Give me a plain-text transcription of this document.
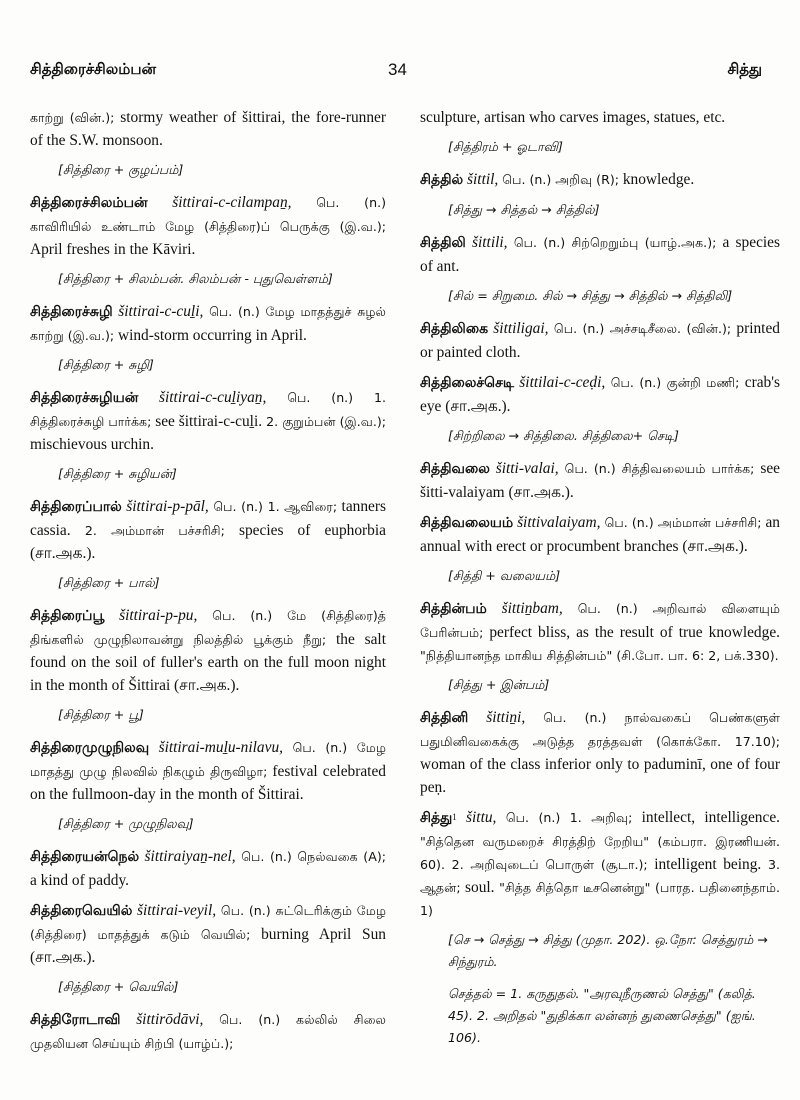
சித்திரைச்சிலம்பன்	34	சித்து
காற்று (வின்.); stormy weather of šittirai, the fore-runner of the S.W. monsoon.
[சித்திரை + குழப்பம்]
சித்திரைச்சிலம்பன் šittirai-c-cilampaṉ, பெ. (n.) காவிரியில் உண்டாம் மேழ (சித்திரை)ப் பெருக்கு (இ.வ.); April freshes in the Kāviri.
[சித்திரை + சிலம்பன். சிலம்பன் - புதுவெள்ளம்]
சித்திரைச்சுழி šittirai-c-cuḻi, பெ. (n.) மேழ மாதத்துச் சுழல் காற்று (இ.வ.); wind-storm occurring in April.
[சித்திரை + சுழி]
சித்திரைச்சுழியன் šittirai-c-cuḻiyaṉ, பெ. (n.) 1. சித்திரைச்சுழி பார்க்க; see šittirai-c-cuḻi. 2. குறும்பன் (இ.வ.); mischievous urchin.
[சித்திரை + சுழியன்]
சித்திரைப்பால் šittirai-p-pāl, பெ. (n.) 1. ஆவிரை; tanners cassia. 2. அம்மான் பச்சரிசி; species of euphorbia (சா.அக.).
[சித்திரை + பால்]
சித்திரைப்பூ šittirai-p-pu, பெ. (n.) மே (சித்திரை)த் திங்களில் முழுநிலாவன்று நிலத்தில் பூக்கும் நீறு; the salt found on the soil of fuller's earth on the full moon night in the month of Šittirai (சா.அக.).
[சித்திரை + பூ]
சித்திரைமுழுநிலவு šittirai-muḻu-nilavu, பெ. (n.) மேழ மாதத்து முழு நிலவில் நிகழும் திருவிழா; festival celebrated on the fullmoon-day in the month of Šittirai.
[சித்திரை + முழுநிலவு]
சித்திரையன்நெல் šittiraiyaṉ-nel, பெ. (n.) நெல்வகை (A); a kind of paddy.
சித்திரைவெயில் šittirai-veyil, பெ. (n.) சுட்டெரிக்கும் மேழ (சித்திரை) மாதத்துக் கடும் வெயில்; burning April Sun (சா.அக.).
[சித்திரை + வெயில்]
சித்திரோடாவி šittirōdāvi, பெ. (n.) கல்லில் சிலை முதலியன செய்யும் சிற்பி (யாழ்ப்.);
sculpture, artisan who carves images, statues, etc.
[சித்திரம் + ஓடாவி]
சித்தில் šittil, பெ. (n.) அறிவு (R); knowledge.
[சித்து → சித்தல் → சித்தில்]
சித்திலி šittili, பெ. (n.) சிற்றெறும்பு (யாழ்.அக.); a species of ant.
[சில் = சிறுமை. சில் → சித்து → சித்தில் → சித்திலி]
சித்திலிகை šittiligai, பெ. (n.) அச்சடிசீலை. (வின்.); printed or painted cloth.
சித்திலைச்செடி šittilai-c-ceḍi, பெ. (n.) குன்றி மணி; crab's eye (சா.அக.).
[சிற்றிலை → சித்திலை. சித்திலை+ செடி]
சித்திவலை šitti-valai, பெ. (n.) சித்திவலையம் பார்க்க; see šitti-valaiyam (சா.அக.).
சித்திவலையம் šittivalaiyam, பெ. (n.) அம்மான் பச்சரிசி; an annual with erect or procumbent branches (சா.அக.).
[சித்தி + வலையம்]
சித்தின்பம் šittiṉbam, பெ. (n.) அறிவால் விளையும் பேரின்பம்; perfect bliss, as the result of true knowledge. "நித்தியானந்த மாகிய சித்தின்பம்" (சி.போ. பா. 6: 2, பக்.330).
[சித்து + இன்பம்]
சித்தினி šittiṉi, பெ. (n.) நால்வகைப் பெண்களுள் பதுமினிவகைக்கு அடுத்த தரத்தவள் (கொக்கோ. 17.10); woman of the class inferior only to paduminī, one of four peṇ.
சித்து$^1$ šittu, பெ. (n.) 1. அறிவு; intellect, intelligence. "சித்தென வருமறைச் சிரத்திற் றேறிய" (கம்பரா. இரணியன். 60). 2. அறிவுடைப் பொருள் (சூடா.); intelligent being. 3. ஆதன்; soul. "சித்த சித்தொ டீசனென்று" (பாரத. பதினைந்தாம். 1)
[செ → செத்து → சித்து (முதா. 202). ஒ.நோ: செத்துரம் → சிந்துரம்.
செத்தல் = 1. கருதுதல். "அரவுநீருணல் செத்து" (கலித். 45). 2. அறிதல் "துதிக்கா லன்னந் துணைசெத்து" (ஐங். 106).
